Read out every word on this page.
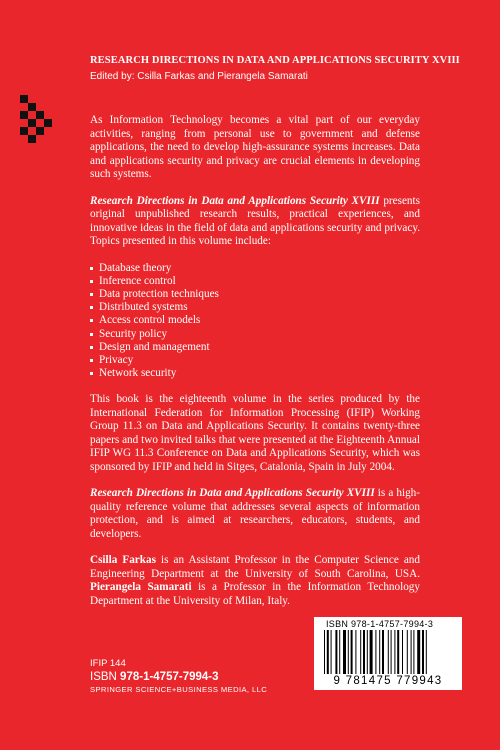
RESEARCH DIRECTIONS IN DATA AND APPLICATIONS SECURITY XVIII
Edited by: Csilla Farkas and Pierangela Samarati

As Information Technology becomes a vital part of our everyday activities, ranging from personal use to government and defense applications, the need to develop high-assurance systems increases. Data and applications security and privacy are crucial elements in developing such systems.

Research Directions in Data and Applications Security XVIII presents original unpublished research results, practical experiences, and innovative ideas in the field of data and applications security and privacy. Topics presented in this volume include:

Database theory
Inference control
Data protection techniques
Distributed systems
Access control models
Security policy
Design and management
Privacy
Network security

This book is the eighteenth volume in the series produced by the International Federation for Information Processing (IFIP) Working Group 11.3 on Data and Applications Security. It contains twenty-three papers and two invited talks that were presented at the Eighteenth Annual IFIP WG 11.3 Conference on Data and Applications Security, which was sponsored by IFIP and held in Sitges, Catalonia, Spain in July 2004.

Research Directions in Data and Applications Security XVIII is a high-quality reference volume that addresses several aspects of information protection, and is aimed at researchers, educators, students, and developers.

Csilla Farkas is an Assistant Professor in the Computer Science and Engineering Department at the University of South Carolina, USA. Pierangela Samarati is a Professor in the Information Technology Department at the University of Milan, Italy.

IFIP 144
ISBN 978-1-4757-7994-3
SPRINGER SCIENCE+BUSINESS MEDIA, LLC
ISBN 978-1-4757-7994-3
9 781475 779943
